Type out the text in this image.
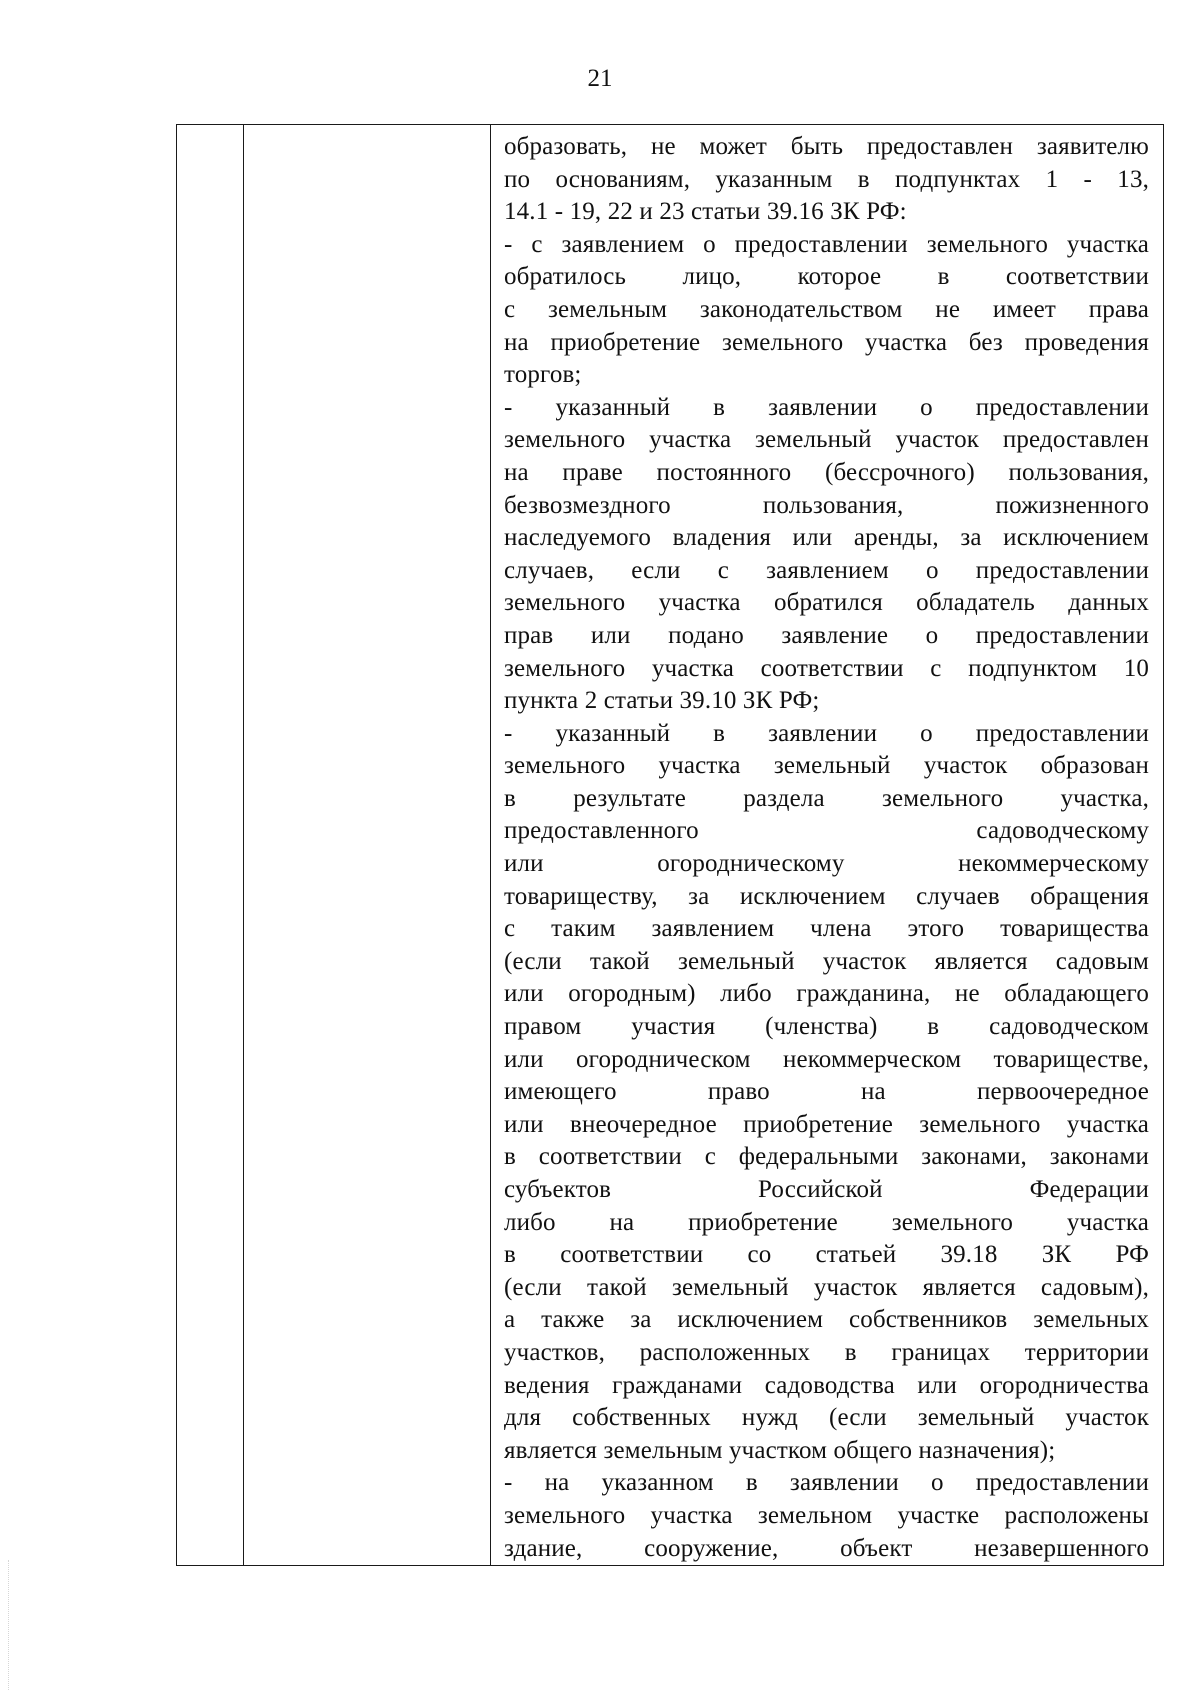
21

образовать, не может быть предоставлен заявителю
по основаниям, указанным в подпунктах 1 - 13,
14.1 - 19, 22 и 23 статьи 39.16 ЗК РФ:
- с заявлением о предоставлении земельного участка
обратилось лицо, которое в соответствии
с земельным законодательством не имеет права
на приобретение земельного участка без проведения
торгов;
- указанный в заявлении о предоставлении
земельного участка земельный участок предоставлен
на праве постоянного (бессрочного) пользования,
безвозмездного пользования, пожизненного
наследуемого владения или аренды, за исключением
случаев, если с заявлением о предоставлении
земельного участка обратился обладатель данных
прав или подано заявление о предоставлении
земельного участка соответствии с подпунктом 10
пункта 2 статьи 39.10 ЗК РФ;
- указанный в заявлении о предоставлении
земельного участка земельный участок образован
в результате раздела земельного участка,
предоставленного садоводческому
или огородническому некоммерческому
товариществу, за исключением случаев обращения
с таким заявлением члена этого товарищества
(если такой земельный участок является садовым
или огородным) либо гражданина, не обладающего
правом участия (членства) в садоводческом
или огородническом некоммерческом товариществе,
имеющего право на первоочередное
или внеочередное приобретение земельного участка
в соответствии с федеральными законами, законами
субъектов Российской Федерации
либо на приобретение земельного участка
в соответствии со статьей 39.18 ЗК РФ
(если такой земельный участок является садовым),
а также за исключением собственников земельных
участков, расположенных в границах территории
ведения гражданами садоводства или огородничества
для собственных нужд (если земельный участок
является земельным участком общего назначения);
- на указанном в заявлении о предоставлении
земельного участка земельном участке расположены
здание, сооружение, объект незавершенного
